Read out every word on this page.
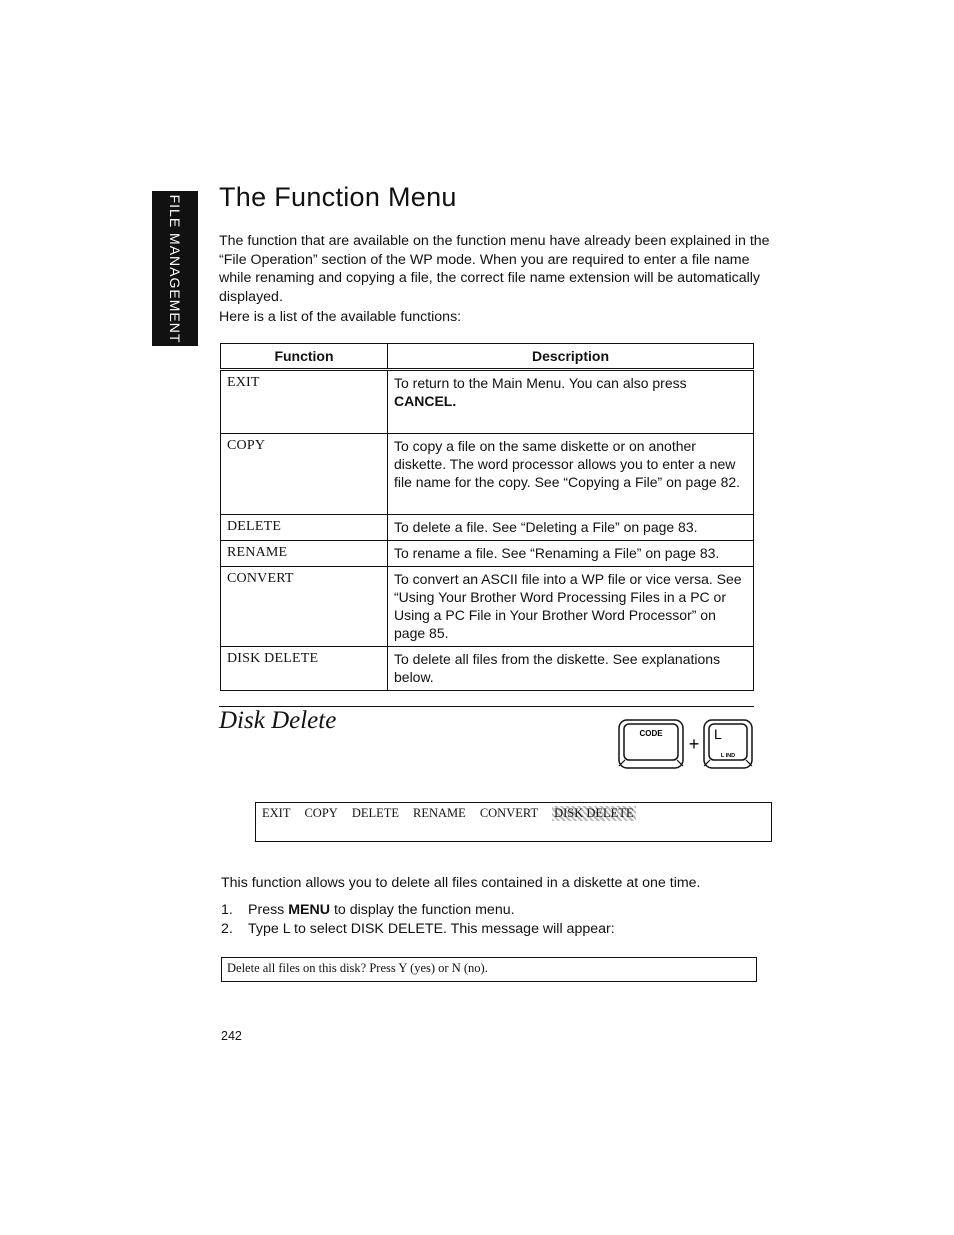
FILE MANAGEMENT The Function Menu

The function that are available on the function menu have already been explained in the “File Operation” section of the WP mode. When you are required to enter a file name while renaming and copying a file, the correct file name extension will be automatically displayed.

Here is a list of the available functions:

Function	Description
EXIT	To return to the Main Menu. You can also press
CANCEL.
COPY	To copy a file on the same diskette or on another diskette. The word processor allows you to enter a new file name for the copy. See “Copying a File” on page 82.
DELETE	To delete a file. See “Deleting a File” on page 83.
RENAME	To rename a file. See “Renaming a File” on page 83.
CONVERT	To convert an ASCII file into a WP file or vice versa. See “Using Your Brother Word Processing Files in a PC or Using a PC File in Your Brother Word Processor” on page 85.
DISK DELETE	To delete all files from the diskette. See explanations below.
Disk Delete	CODE
+ L
L IND
EXIT COPY DELETE RENAME CONVERT DISK DELETE

This function allows you to delete all files contained in a diskette at one time.

1.	Press MENU to display the function menu.
2.	Type L to select DISK DELETE. This message will appear:
Delete all files on this disk? Press Y (yes) or N (no).
242
